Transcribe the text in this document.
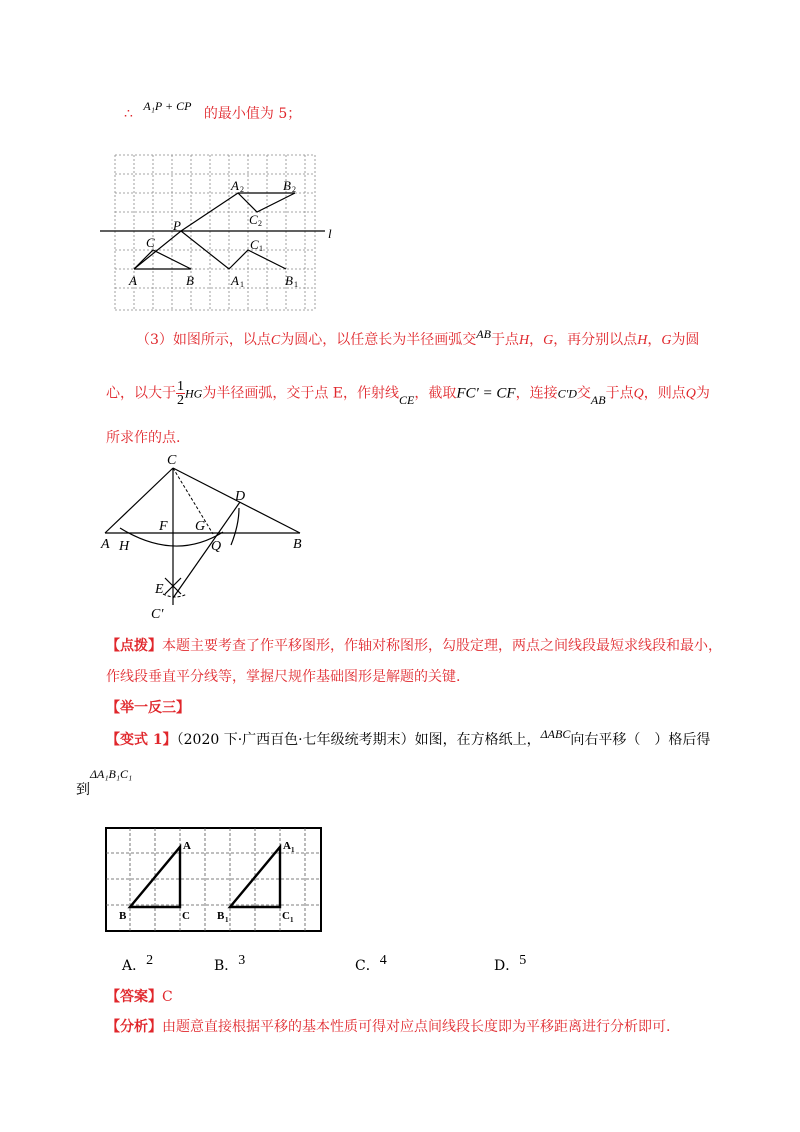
∴ A₁P + CP 的最小值为 5；
A	B
C
P
A 1	B 1
C 1
A 2	B 2
C 2
l
（3）如图所示，以点C为圆心，以任意长为半径画弧交AB于点H，G，再分别以点H，G为圆
心，以大于 $\frac{1}{2}$ HG为半径画弧，交于点 E，作射线CE，截取FC′ = CF，连接C′D交AB于点Q，则点Q为
所求作的点.
C
D
A H
F G
Q	B
E
C′
【点拨】本题主要考查了作平移图形，作轴对称图形，勾股定理，两点之间线段最短求线段和最小，
作线段垂直平分线等，掌握尺规作基础图形是解题的关键.
【举一反三】
【变式 1】（2020 下·广西百色·七年级统考期末）如图，在方格纸上，ΔABC向右平移（　）格后得
到ΔA₁B₁C₁
A
B	C
A 1
B 1	C 1
A．2	B．3	C．4	D．5
【答案】C
【分析】由题意直接根据平移的基本性质可得对应点间线段长度即为平移距离进行分析即可.
